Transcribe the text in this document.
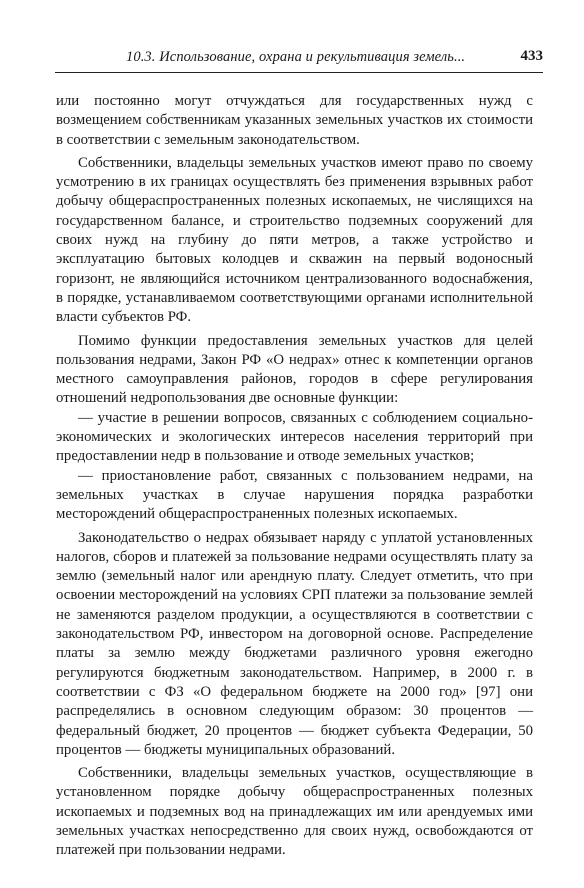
10.3. Использование, охрана и рекультивация земель...	433

или постоянно могут отчуждаться для государственных нужд с возмещением собственникам указанных земельных участков их стоимости в соответствии с земельным законодательством.

Собственники, владельцы земельных участков имеют право по своему усмотрению в их границах осуществлять без применения взрывных работ добычу общераспространенных полезных ископаемых, не числящихся на государственном балансе, и строительство подземных сооружений для своих нужд на глубину до пяти метров, а также устройство и эксплуатацию бытовых колодцев и скважин на первый водоносный горизонт, не являющийся источником централизованного водоснабжения, в порядке, устанавливаемом соответствующими органами исполнительной власти субъектов РФ.

Помимо функции предоставления земельных участков для целей пользования недрами, Закон РФ «О недрах» отнес к компетенции органов местного самоуправления районов, городов в сфере регулирования отношений недропользования две основные функции:

— участие в решении вопросов, связанных с соблюдением социально-экономических и экологических интересов населения территорий при предоставлении недр в пользование и отводе земельных участков;

— приостановление работ, связанных с пользованием недрами, на земельных участках в случае нарушения порядка разработки месторождений общераспространенных полезных ископаемых.

Законодательство о недрах обязывает наряду с уплатой установленных налогов, сборов и платежей за пользование недрами осуществлять плату за землю (земельный налог или арендную плату. Следует отметить, что при освоении месторождений на условиях СРП платежи за пользование землей не заменяются разделом продукции, а осуществляются в соответствии с законодательством РФ, инвестором на договорной основе. Распределение платы за землю между бюджетами различного уровня ежегодно регулируются бюджетным законодательством. Например, в 2000 г. в соответствии с ФЗ «О федеральном бюджете на 2000 год» [97] они распределялись в основном следующим образом: 30 процентов — федеральный бюджет, 20 процентов — бюджет субъекта Федерации, 50 процентов — бюджеты муниципальных образований.

Собственники, владельцы земельных участков, осуществляющие в установленном порядке добычу общераспространенных полезных ископаемых и подземных вод на принадлежащих им или арендуемых ими земельных участках непосредственно для своих нужд, освобождаются от платежей при пользовании недрами.
